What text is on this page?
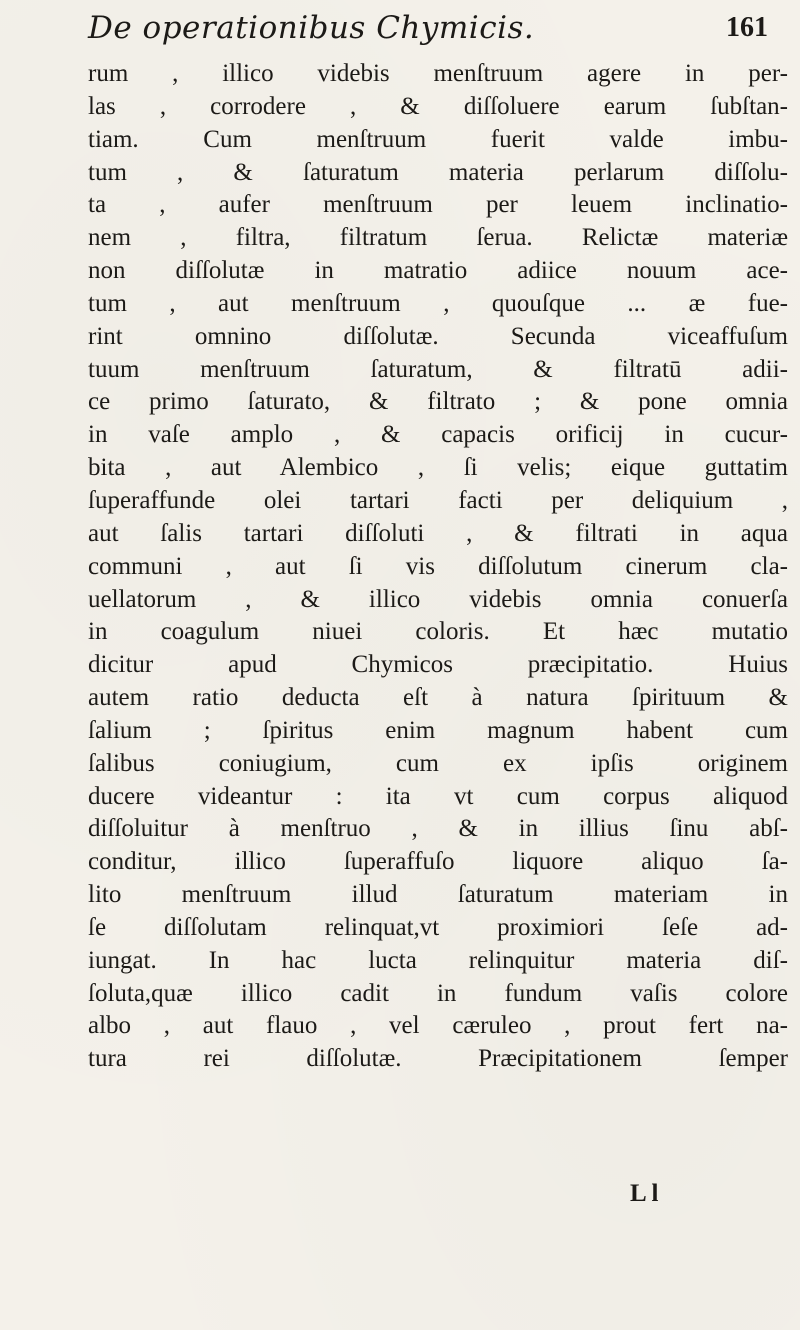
De operationibus Chymicis.	161
rum , illico videbis menſtruum agere in per-
las , corrodere , & diſſoluere earum ſubſtan-
tiam. Cum menſtruum fuerit valde imbu-
tum , & ſaturatum materia perlarum diſſolu-
ta , aufer menſtruum per leuem inclinatio-
nem , filtra, filtratum ſerua. Relictæ materiæ
non diſſolutæ in matratio adiice nouum ace-
tum , aut menſtruum , quouſque ... æ fue-
rint omnino diſſolutæ. Secunda viceaffuſum
tuum menſtruum ſaturatum, & filtratū adii-
ce primo ſaturato, & filtrato ; & pone omnia
in vaſe amplo , & capacis orificij in cucur-
bita , aut Alembico , ſi velis; eique guttatim
ſuperaffunde olei tartari facti per deliquium ,
aut ſalis tartari diſſoluti , & filtrati in aqua
communi , aut ſi vis diſſolutum cinerum cla-
uellatorum , & illico videbis omnia conuerſa
in coagulum niuei coloris. Et hæc mutatio
dicitur apud Chymicos præcipitatio. Huius
autem ratio deducta eſt à natura ſpirituum &
ſalium ; ſpiritus enim magnum habent cum
ſalibus coniugium, cum ex ipſis originem
ducere videantur : ita vt cum corpus aliquod
diſſoluitur à menſtruo , & in illius ſinu abſ-
conditur, illico ſuperaffuſo liquore aliquo ſa-
lito menſtruum illud ſaturatum materiam in
ſe diſſolutam relinquat,vt proximiori ſeſe ad-
iungat. In hac lucta relinquitur materia diſ-
ſoluta,quæ illico cadit in fundum vaſis colore
albo , aut flauo , vel cæruleo , prout fert na-
tura rei diſſolutæ. Præcipitationem ſemper
L l
